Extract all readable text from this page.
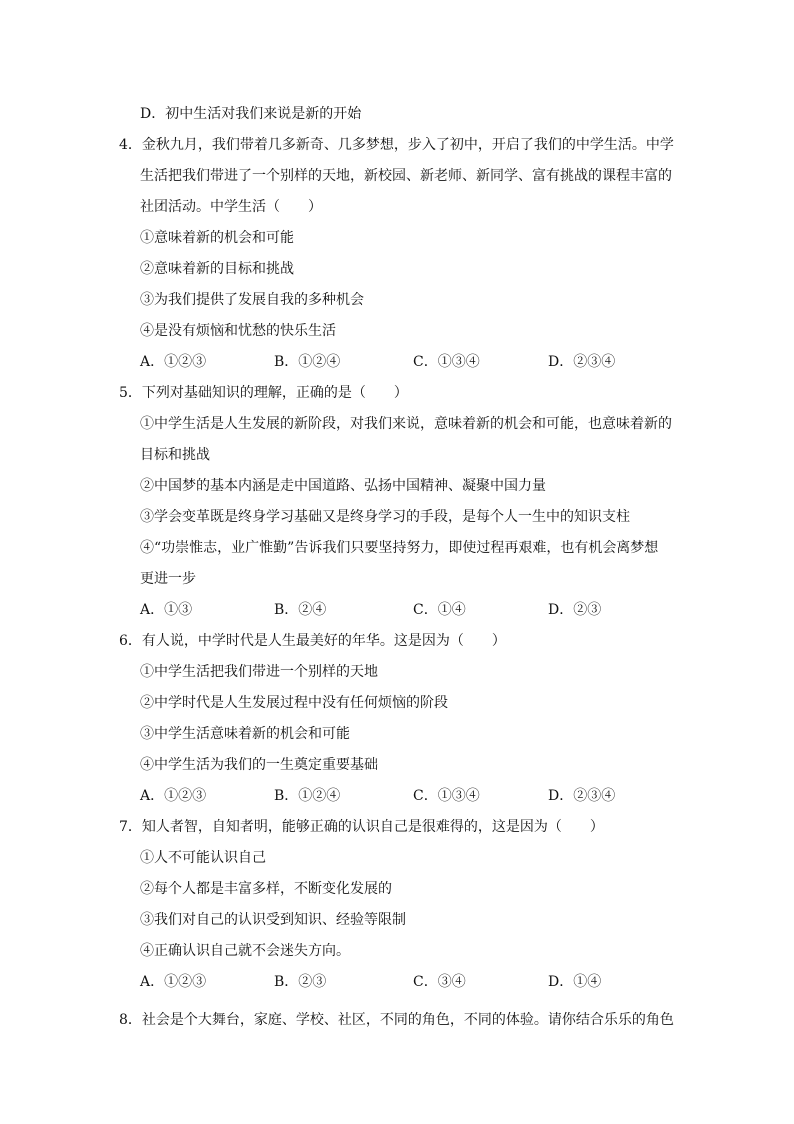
D．初中生活对我们来说是新的开始
4．金秋九月，我们带着几多新奇、几多梦想，步入了初中，开启了我们的中学生活。中学
生活把我们带进了一个别样的天地，新校园、新老师、新同学、富有挑战的课程丰富的
社团活动。中学生活（　　）
①意味着新的机会和可能
②意味着新的目标和挑战
③为我们提供了发展自我的多种机会
④是没有烦恼和忧愁的快乐生活
A．①②③	B．①②④	C．①③④	D．②③④
5．下列对基础知识的理解，正确的是（　　）
①中学生活是人生发展的新阶段，对我们来说，意味着新的机会和可能，也意味着新的
目标和挑战
②中国梦的基本内涵是走中国道路、弘扬中国精神、凝聚中国力量
③学会变革既是终身学习基础又是终身学习的手段，是每个人一生中的知识支柱
④“功崇惟志，业广惟勤”告诉我们只要坚持努力，即使过程再艰难，也有机会离梦想
更进一步
A．①③	B．②④	C．①④	D．②③
6．有人说，中学时代是人生最美好的年华。这是因为（　　）
①中学生活把我们带进一个别样的天地
②中学时代是人生发展过程中没有任何烦恼的阶段
③中学生活意味着新的机会和可能
④中学生活为我们的一生奠定重要基础
A．①②③	B．①②④	C．①③④	D．②③④
7．知人者智，自知者明，能够正确的认识自己是很难得的，这是因为（　　）
①人不可能认识自己
②每个人都是丰富多样，不断变化发展的
③我们对自己的认识受到知识、经验等限制
④正确认识自己就不会迷失方向。
A．①②③	B．②③	C．③④	D．①④
8．社会是个大舞台，家庭、学校、社区，不同的角色，不同的体验。请你结合乐乐的角色
